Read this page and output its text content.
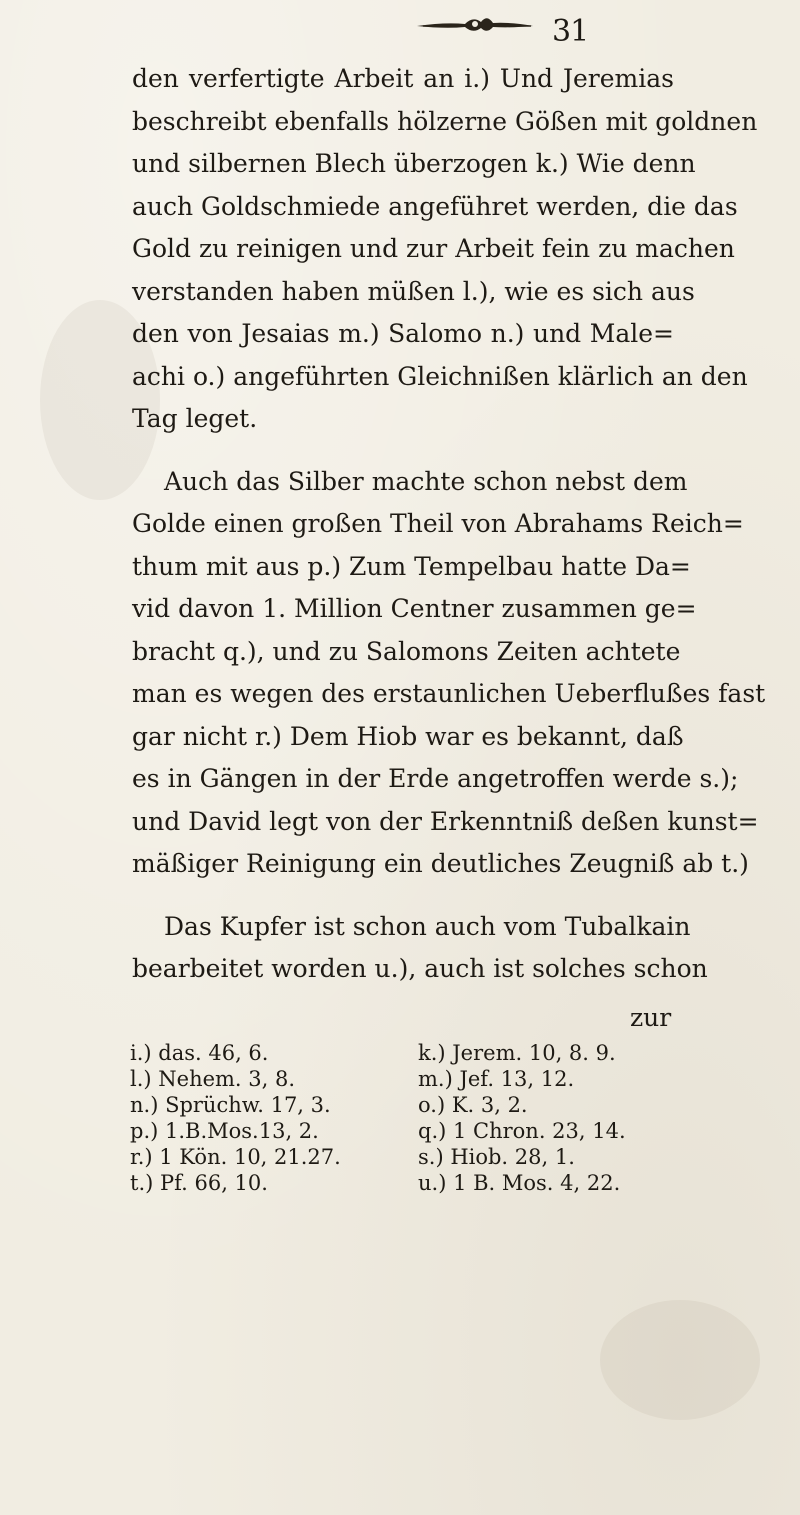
31
den verfertigte Arbeit an i.) Und Jeremias
beschreibt ebenfalls hölzerne Gößen mit goldnen
und silbernen Blech überzogen k.) Wie denn
auch Goldschmiede angeführet werden, die das
Gold zu reinigen und zur Arbeit fein zu machen
verstanden haben müßen l.), wie es sich aus
den von Jesaias m.) Salomo n.) und Male=
achi o.) angeführten Gleichnißen klärlich an den
Tag leget.
Auch das Silber machte schon nebst dem
Golde einen großen Theil von Abrahams Reich=
thum mit aus p.) Zum Tempelbau hatte Da=
vid davon 1. Million Centner zusammen ge=
bracht q.), und zu Salomons Zeiten achtete
man es wegen des erstaunlichen Ueberflußes fast
gar nicht r.) Dem Hiob war es bekannt, daß
es in Gängen in der Erde angetroffen werde s.);
und David legt von der Erkenntniß deßen kunst=
mäßiger Reinigung ein deutliches Zeugniß ab t.)
Das Kupfer ist schon auch vom Tubalkain
bearbeitet worden u.), auch ist solches schon
zur
i.) das. 46, 6.
l.) Nehem. 3, 8.
n.) Sprüchw. 17, 3.
p.) 1.B.Mos.13, 2.
r.) 1 Kön. 10, 21.27.
t.) Pf. 66, 10.
k.) Jerem. 10, 8. 9.
m.) Jef. 13, 12.
o.) K. 3, 2.
q.) 1 Chron. 23, 14.
s.) Hiob. 28, 1.
u.) 1 B. Mos. 4, 22.
